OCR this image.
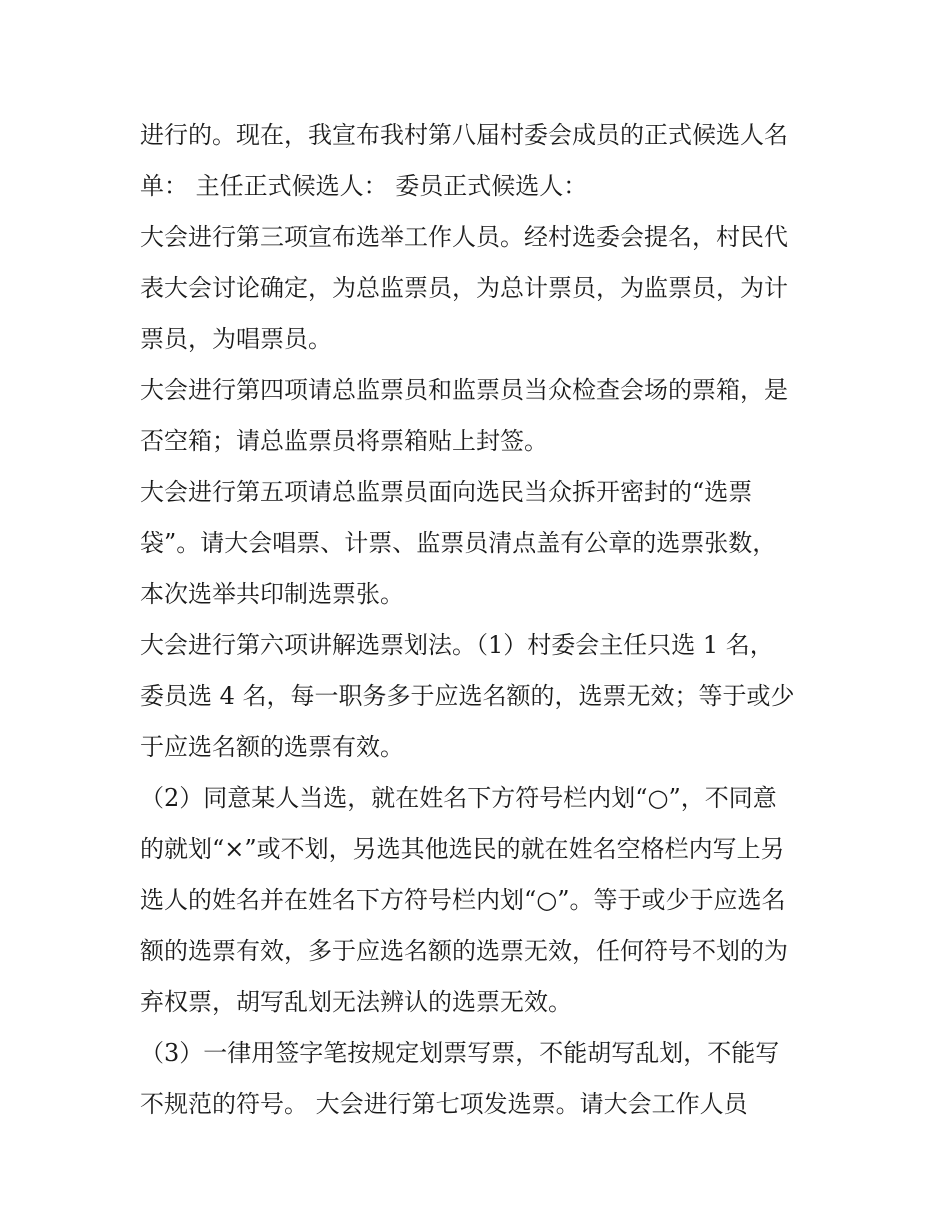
进行的。现在，我宣布我村第八届村委会成员的正式候选人名
单： 主任正式候选人： 委员正式候选人：
大会进行第三项宣布选举工作人员。经村选委会提名，村民代
表大会讨论确定，为总监票员，为总计票员，为监票员，为计
票员，为唱票员。
大会进行第四项请总监票员和监票员当众检查会场的票箱，是
否空箱；请总监票员将票箱贴上封签。
大会进行第五项请总监票员面向选民当众拆开密封的“选票
袋”。请大会唱票、计票、监票员清点盖有公章的选票张数，
本次选举共印制选票张。
大会进行第六项讲解选票划法。（1）村委会主任只选 1 名，
委员选 4 名，每一职务多于应选名额的，选票无效；等于或少
于应选名额的选票有效。
（2）同意某人当选，就在姓名下方符号栏内划“○”，不同意
的就划“×”或不划，另选其他选民的就在姓名空格栏内写上另
选人的姓名并在姓名下方符号栏内划“○”。等于或少于应选名
额的选票有效，多于应选名额的选票无效，任何符号不划的为
弃权票，胡写乱划无法辨认的选票无效。
（3）一律用签字笔按规定划票写票，不能胡写乱划，不能写
不规范的符号。 大会进行第七项发选票。请大会工作人员
